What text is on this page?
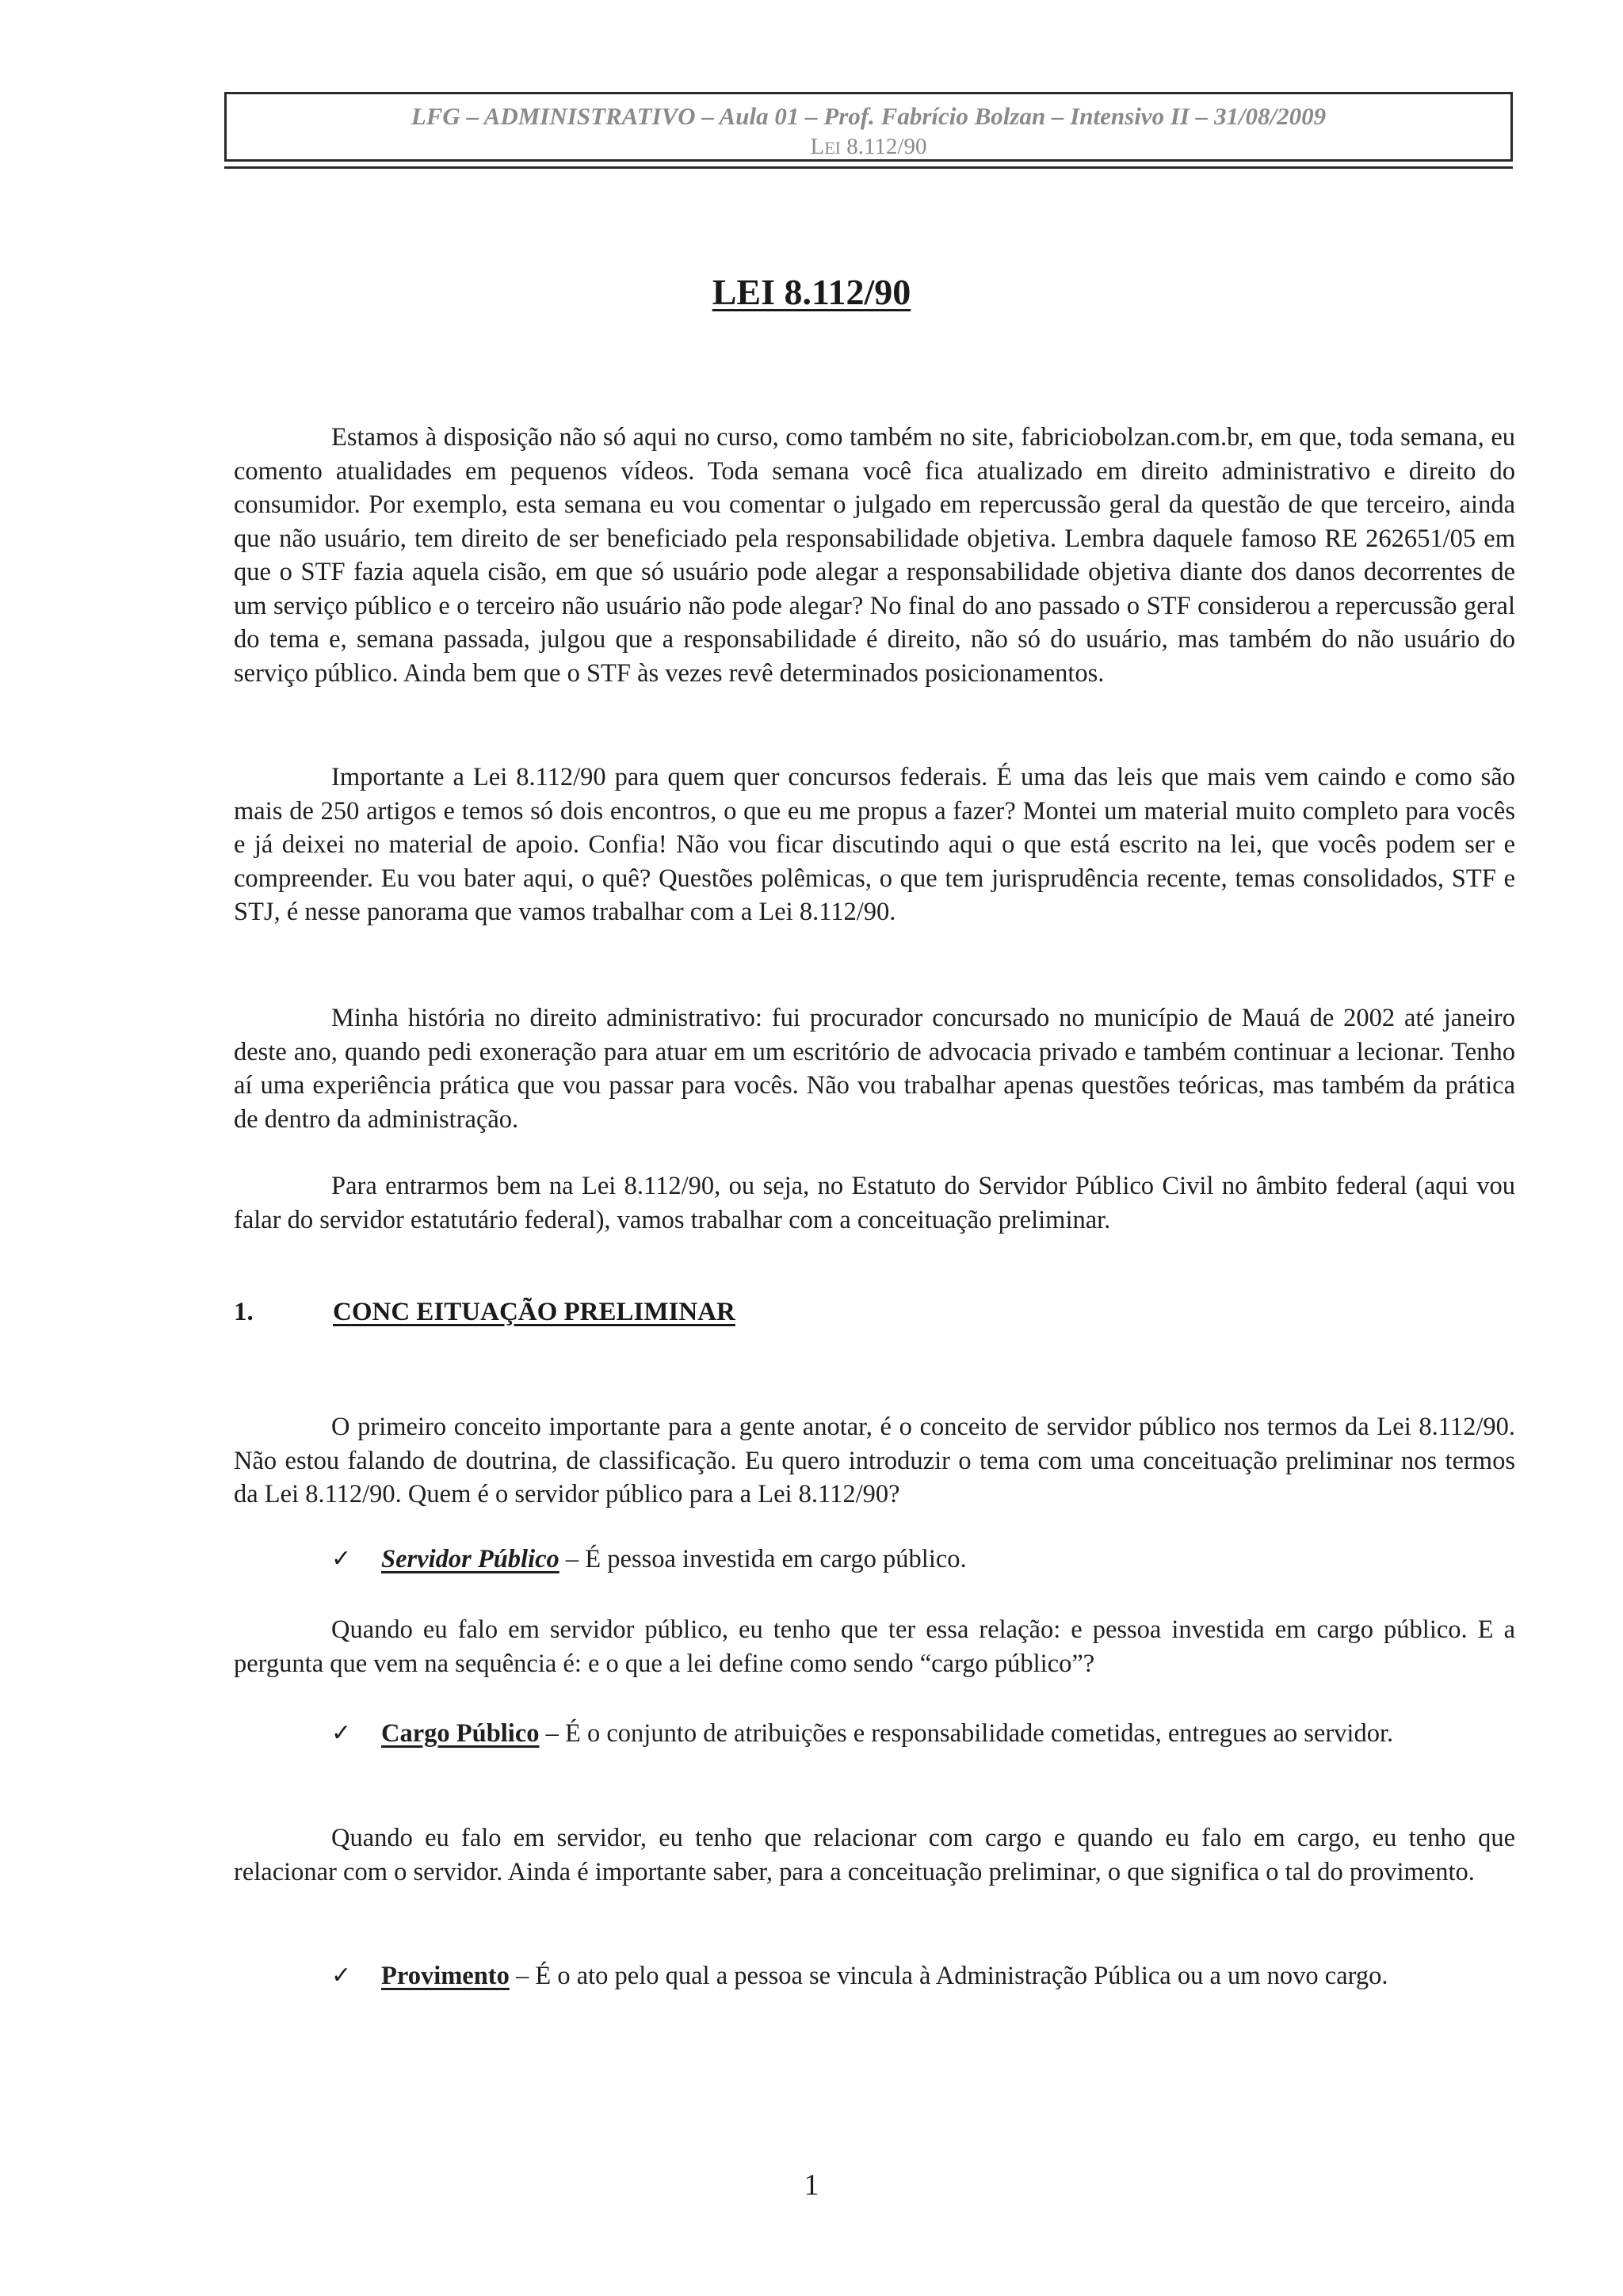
LFG – ADMINISTRATIVO – Aula 01 – Prof. Fabrício Bolzan – Intensivo II – 31/08/2009
LEI 8.112/90
LEI 8.112/90

Estamos à disposição não só aqui no curso, como também no site, fabriciobolzan.com.br, em que, toda semana, eu comento atualidades em pequenos vídeos. Toda semana você fica atualizado em direito administrativo e direito do consumidor. Por exemplo, esta semana eu vou comentar o julgado em repercussão geral da questão de que terceiro, ainda que não usuário, tem direito de ser beneficiado pela responsabilidade objetiva. Lembra daquele famoso RE 262651/05 em que o STF fazia aquela cisão, em que só usuário pode alegar a responsabilidade objetiva diante dos danos decorrentes de um serviço público e o terceiro não usuário não pode alegar? No final do ano passado o STF considerou a repercussão geral do tema e, semana passada, julgou que a responsabilidade é direito, não só do usuário, mas também do não usuário do serviço público. Ainda bem que o STF às vezes revê determinados posicionamentos.

Importante a Lei 8.112/90 para quem quer concursos federais. É uma das leis que mais vem caindo e como são mais de 250 artigos e temos só dois encontros, o que eu me propus a fazer? Montei um material muito completo para vocês e já deixei no material de apoio. Confia! Não vou ficar discutindo aqui o que está escrito na lei, que vocês podem ser e compreender. Eu vou bater aqui, o quê? Questões polêmicas, o que tem jurisprudência recente, temas consolidados, STF e STJ, é nesse panorama que vamos trabalhar com a Lei 8.112/90.

Minha história no direito administrativo: fui procurador concursado no município de Mauá de 2002 até janeiro deste ano, quando pedi exoneração para atuar em um escritório de advocacia privado e também continuar a lecionar. Tenho aí uma experiência prática que vou passar para vocês. Não vou trabalhar apenas questões teóricas, mas também da prática de dentro da administração.

Para entrarmos bem na Lei 8.112/90, ou seja, no Estatuto do Servidor Público Civil no âmbito federal (aqui vou falar do servidor estatutário federal), vamos trabalhar com a conceituação preliminar.

1.	CONC EITUAÇÃO PRELIMINAR

O primeiro conceito importante para a gente anotar, é o conceito de servidor público nos termos da Lei 8.112/90. Não estou falando de doutrina, de classificação. Eu quero introduzir o tema com uma conceituação preliminar nos termos da Lei 8.112/90. Quem é o servidor público para a Lei 8.112/90?

✓ Servidor Público – É pessoa investida em cargo público.

Quando eu falo em servidor público, eu tenho que ter essa relação: e pessoa investida em cargo público. E a pergunta que vem na sequência é: e o que a lei define como sendo “cargo público”?

✓ Cargo Público – É o conjunto de atribuições e responsabilidade cometidas, entregues ao servidor.

Quando eu falo em servidor, eu tenho que relacionar com cargo e quando eu falo em cargo, eu tenho que relacionar com o servidor. Ainda é importante saber, para a conceituação preliminar, o que significa o tal do provimento.

✓ Provimento – É o ato pelo qual a pessoa se vincula à Administração Pública ou a um novo cargo.
1
